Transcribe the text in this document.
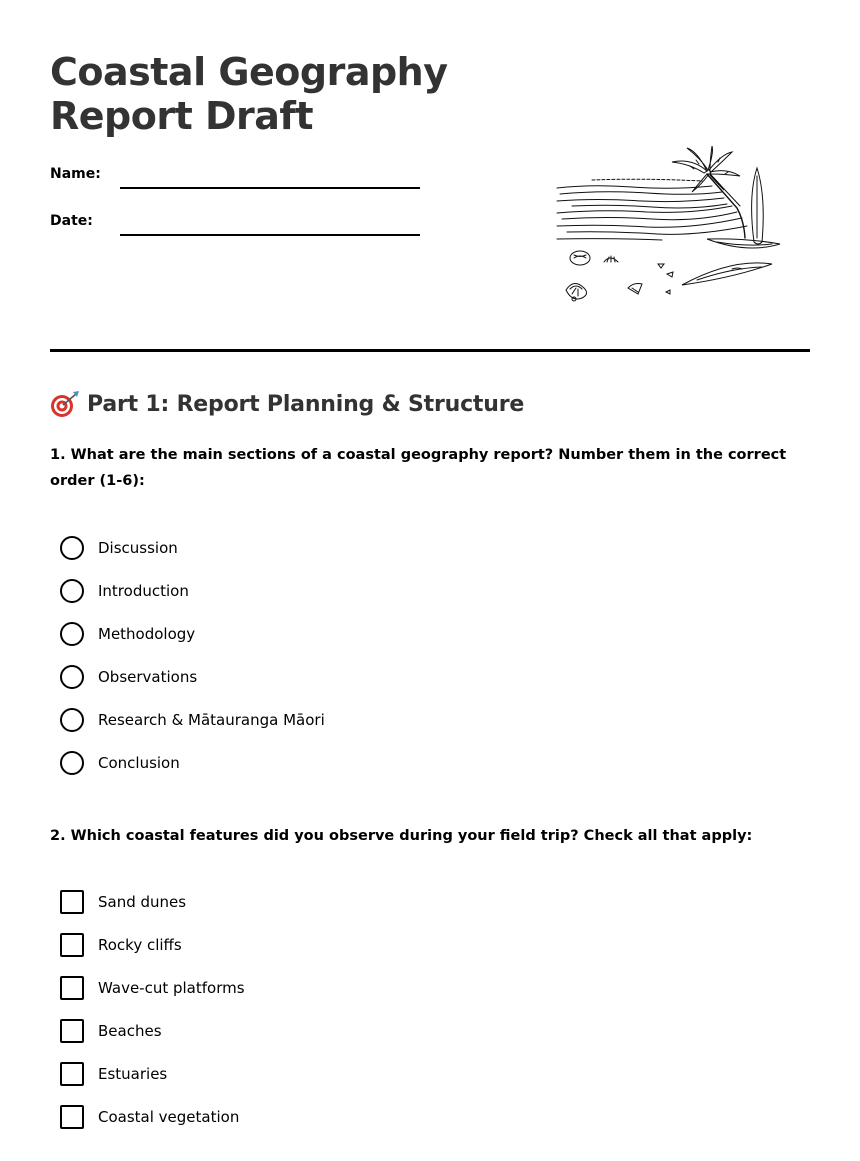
Coastal Geography
Report Draft
Name:
Date:
Part 1: Report Planning & Structure

1. What are the main sections of a coastal geography report? Number them in the correct order (1-6):

Discussion
Introduction
Methodology
Observations
Research & Mātauranga Māori
Conclusion

2. Which coastal features did you observe during your field trip? Check all that apply:

Sand dunes
Rocky cliffs
Wave-cut platforms
Beaches
Estuaries
Coastal vegetation
